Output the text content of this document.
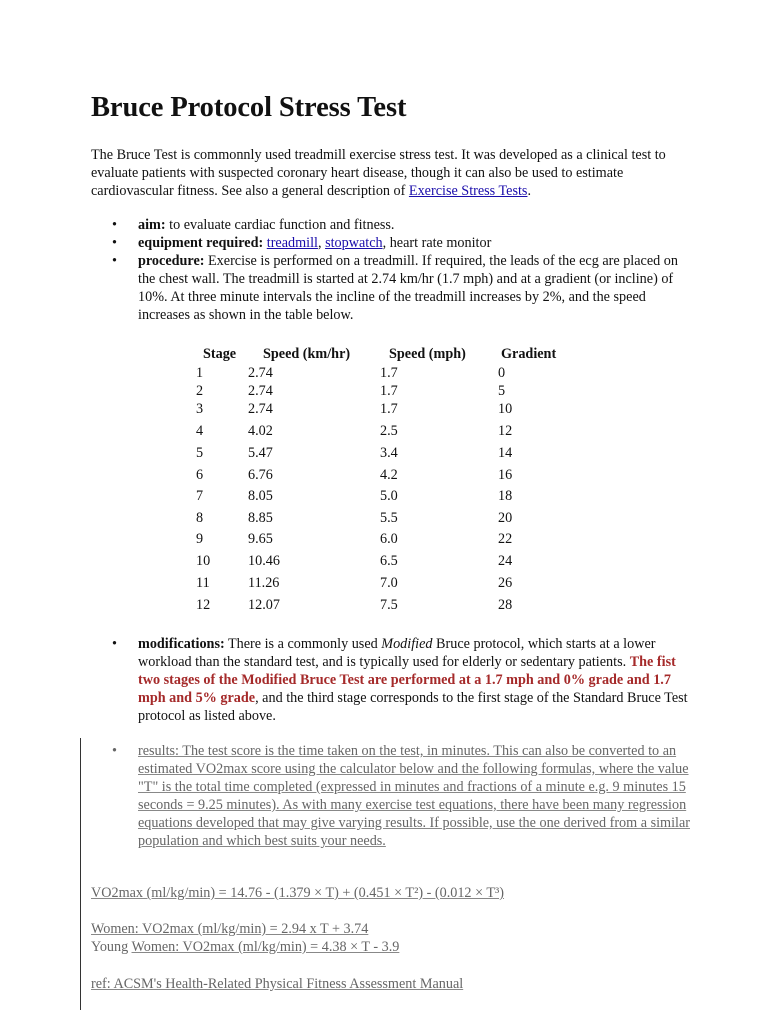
Bruce Protocol Stress Test

The Bruce Test is commonnly used treadmill exercise stress test. It was developed as a clinical test to evaluate patients with suspected coronary heart disease, though it can also be used to estimate cardiovascular fitness. See also a general description of Exercise Stress Tests.

• aim: to evaluate cardiac function and fitness.
• equipment required: treadmill, stopwatch, heart rate monitor
• procedure: Exercise is performed on a treadmill. If required, the leads of the ecg are placed on the chest wall. The treadmill is started at 2.74 km/hr (1.7 mph) and at a gradient (or incline) of 10%. At three minute intervals the incline of the treadmill increases by 2%, and the speed increases as shown in the table below.
Stage	Speed (km/hr)	Speed (mph)	Gradient
1	2.74	1.7	0
2	2.74	1.7	5
3	2.74	1.7	10
4	4.02	2.5	12
5	5.47	3.4	14
6	6.76	4.2	16
7	8.05	5.0	18
8	8.85	5.5	20
9	9.65	6.0	22
10	10.46	6.5	24
11	11.26	7.0	26
12	12.07	7.5	28
• modifications: There is a commonly used Modified Bruce protocol, which starts at a lower workload than the standard test, and is typically used for elderly or sedentary patients. The fist two stages of the Modified Bruce Test are performed at a 1.7 mph and 0% grade and 1.7 mph and 5% grade, and the third stage corresponds to the first stage of the Standard Bruce Test protocol as listed above.
•	results: The test score is the time taken on the test, in minutes. This can also be converted to an estimated VO2max score using the calculator below and the following formulas, where the value "T" is the total time completed (expressed in minutes and fractions of a minute e.g. 9 minutes 15 seconds = 9.25 minutes). As with many exercise test equations, there have been many regression equations developed that may give varying results. If possible, use the one derived from a similar population and which best suits your needs.
VO2max (ml/kg/min) = 14.76 - (1.379 × T) + (0.451 × T²) - (0.012 × T³)
Women: VO2max (ml/kg/min) = 2.94 x T + 3.74
Young Women: VO2max (ml/kg/min) = 4.38 × T - 3.9
ref: ACSM's Health-Related Physical Fitness Assessment Manual
